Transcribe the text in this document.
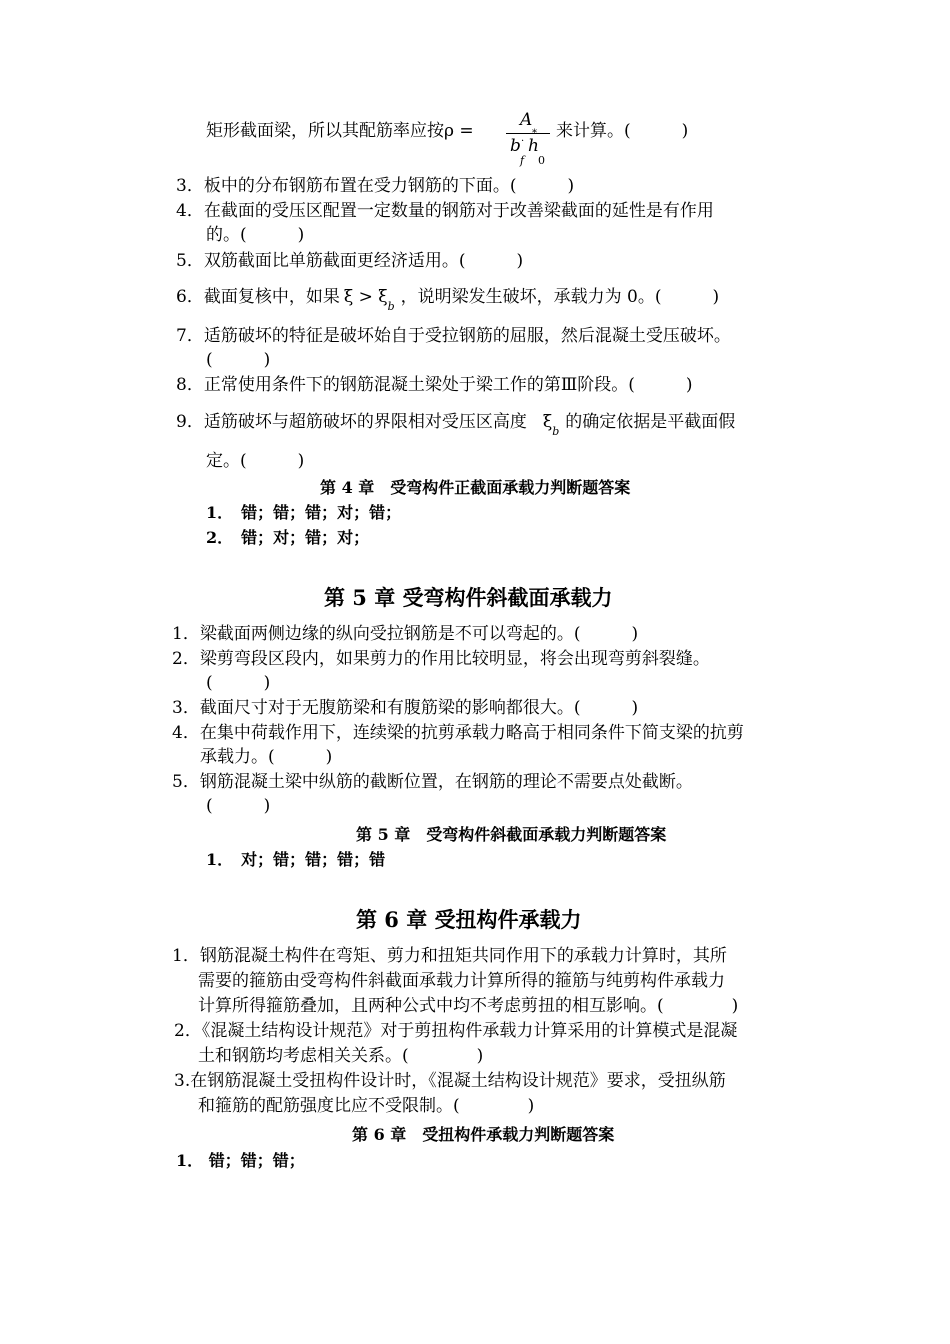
矩形截面梁，所以其配筋率应按ρ =
A
b · h
f 0
来计算。(　　　)
3．板中的分布钢筋布置在受力钢筋的下面。(　　　)
4．在截面的受压区配置一定数量的钢筋对于改善梁截面的延性是有作用
的。(　　　)
5．双筋截面比单筋截面更经济适用。(　　　)
6．截面复核中，如果 $\xi > \xi_b$ ，说明梁发生破坏，承载力为 0。(　　　)
7．适筋破坏的特征是破坏始自于受拉钢筋的屈服，然后混凝土受压破坏。
(　　　)
8．正常使用条件下的钢筋混凝土梁处于梁工作的第Ⅲ阶段。(　　　)
9．适筋破坏与超筋破坏的界限相对受压区高度 $\xi_b$ 的确定依据是平截面假
定。(　　　)
第 4 章　受弯构件正截面承载力判断题答案
1．　错；错；错；对；错；
2．　错；对；错；对；
第 5 章 受弯构件斜截面承载力
1．梁截面两侧边缘的纵向受拉钢筋是不可以弯起的。(　　　)
2．梁剪弯段区段内，如果剪力的作用比较明显，将会出现弯剪斜裂缝。
(　　　)
3．截面尺寸对于无腹筋梁和有腹筋梁的影响都很大。(　　　)
4．在集中荷载作用下，连续梁的抗剪承载力略高于相同条件下简支梁的抗剪
承载力。(　　　)
5．钢筋混凝土梁中纵筋的截断位置，在钢筋的理论不需要点处截断。
(　　　)
第 5 章　受弯构件斜截面承载力判断题答案
1．　对；错；错；错；错
第 6 章 受扭构件承载力
1．钢筋混凝土构件在弯矩、剪力和扭矩共同作用下的承载力计算时，其所
需要的箍筋由受弯构件斜截面承载力计算所得的箍筋与纯剪构件承载力
计算所得箍筋叠加，且两种公式中均不考虑剪扭的相互影响。(　　　　)
2．《混凝土结构设计规范》对于剪扭构件承载力计算采用的计算模式是混凝
土和钢筋均考虑相关关系。(　　　　)
3.在钢筋混凝土受扭构件设计时，《混凝土结构设计规范》要求，受扭纵筋
和箍筋的配筋强度比应不受限制。(　　　　)
第 6 章　受扭构件承载力判断题答案
1． 错；错；错；
